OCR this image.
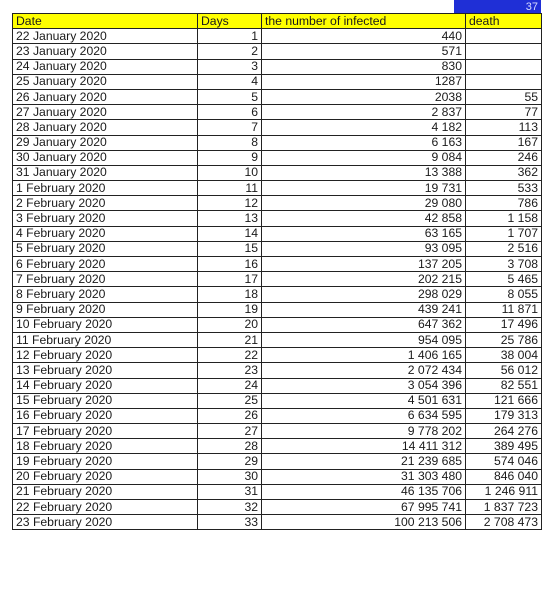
37
Date	Days	the number of infected	death
22 January 2020	1	440	
23 January 2020	2	571	
24 January 2020	3	830	
25 January 2020	4	1287	
26 January 2020	5	2038	55
27 January 2020	6	2 837	77
28 January 2020	7	4 182	113
29 January 2020	8	6 163	167
30 January 2020	9	9 084	246
31 January 2020	10	13 388	362
1 February 2020	11	19 731	533
2 February 2020	12	29 080	786
3 February 2020	13	42 858	1 158
4 February 2020	14	63 165	1 707
5 February 2020	15	93 095	2 516
6 February 2020	16	137 205	3 708
7 February 2020	17	202 215	5 465
8 February 2020	18	298 029	8 055
9 February 2020	19	439 241	11 871
10 February 2020	20	647 362	17 496
11 February 2020	21	954 095	25 786
12 February 2020	22	1 406 165	38 004
13 February 2020	23	2 072 434	56 012
14 February 2020	24	3 054 396	82 551
15 February 2020	25	4 501 631	121 666
16 February 2020	26	6 634 595	179 313
17 February 2020	27	9 778 202	264 276
18 February 2020	28	14 411 312	389 495
19 February 2020	29	21 239 685	574 046
20 February 2020	30	31 303 480	846 040
21 February 2020	31	46 135 706	1 246 911
22 February 2020	32	67 995 741	1 837 723
23 February 2020	33	100 213 506	2 708 473
